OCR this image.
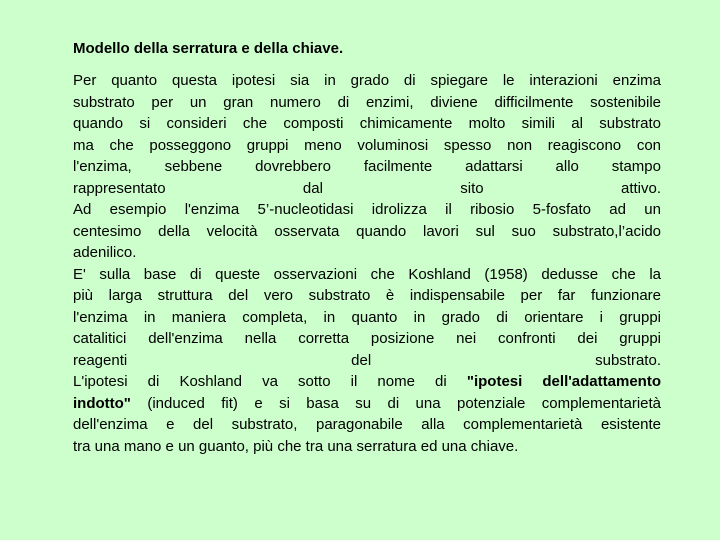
Modello della serratura e della chiave.
Per quanto questa ipotesi sia in grado di spiegare le interazioni enzima
substrato per un gran numero di enzimi, diviene difficilmente sostenibile
quando si consideri che composti chimicamente molto simili al substrato
ma che posseggono gruppi meno voluminosi spesso non reagiscono con
l'enzima, sebbene dovrebbero facilmente adattarsi allo stampo
rappresentato dal sito attivo.
Ad esempio l'enzima 5’-nucleotidasi idrolizza il ribosio 5-fosfato ad un
centesimo della velocità osservata quando lavori sul suo substrato,l’acido
adenilico.
E' sulla base di queste osservazioni che Koshland (1958) dedusse che la
più larga struttura del vero substrato è indispensabile per far funzionare
l'enzima in maniera completa, in quanto in grado di orientare i gruppi
catalitici dell'enzima nella corretta posizione nei confronti dei gruppi
reagenti del substrato.
L'ipotesi di Koshland va sotto il nome di "ipotesi dell'adattamento
indotto" (induced fit) e si basa su di una potenziale complementarietà
dell'enzima e del substrato, paragonabile alla complementarietà esistente
tra una mano e un guanto, più che tra una serratura ed una chiave.
